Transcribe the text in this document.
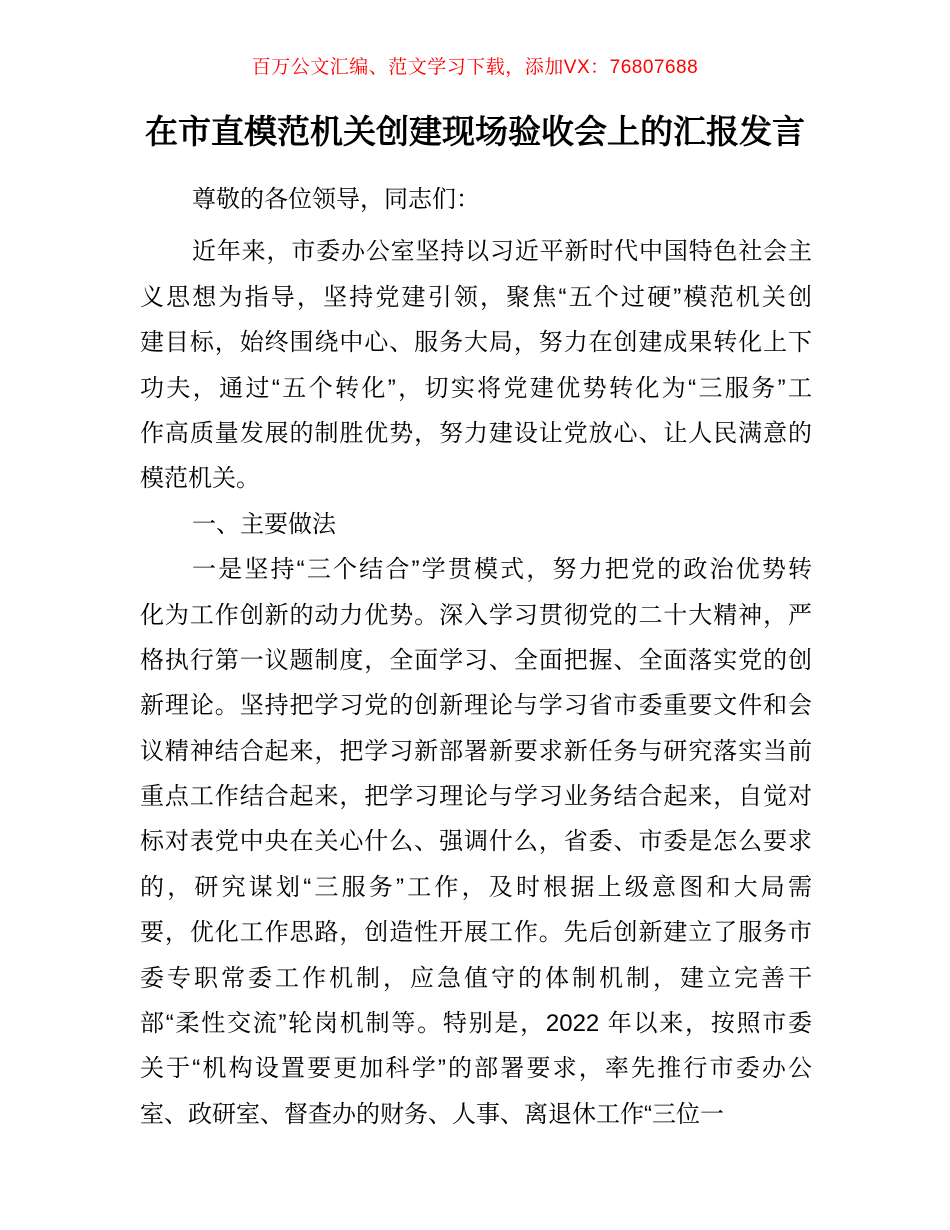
百万公文汇编、范文学习下载，添加VX：76807688
在市直模范机关创建现场验收会上的汇报发言
尊敬的各位领导，同志们：
近年来，市委办公室坚持以习近平新时代中国特色社会主
义思想为指导，坚持党建引领，聚焦“五个过硬”模范机关创
建目标，始终围绕中心、服务大局，努力在创建成果转化上下
功夫，通过“五个转化”，切实将党建优势转化为“三服务”工
作高质量发展的制胜优势，努力建设让党放心、让人民满意的
模范机关。
一、主要做法
一是坚持“三个结合”学贯模式，努力把党的政治优势转
化为工作创新的动力优势。深入学习贯彻党的二十大精神，严
格执行第一议题制度，全面学习、全面把握、全面落实党的创
新理论。坚持把学习党的创新理论与学习省市委重要文件和会
议精神结合起来，把学习新部署新要求新任务与研究落实当前
重点工作结合起来，把学习理论与学习业务结合起来，自觉对
标对表党中央在关心什么、强调什么，省委、市委是怎么要求
的，研究谋划“三服务”工作，及时根据上级意图和大局需
要，优化工作思路，创造性开展工作。先后创新建立了服务市
委专职常委工作机制，应急值守的体制机制，建立完善干
部“柔性交流”轮岗机制等。特别是，2022 年以来，按照市委
关于“机构设置要更加科学”的部署要求，率先推行市委办公
室、政研室、督查办的财务、人事、离退休工作“三位一
